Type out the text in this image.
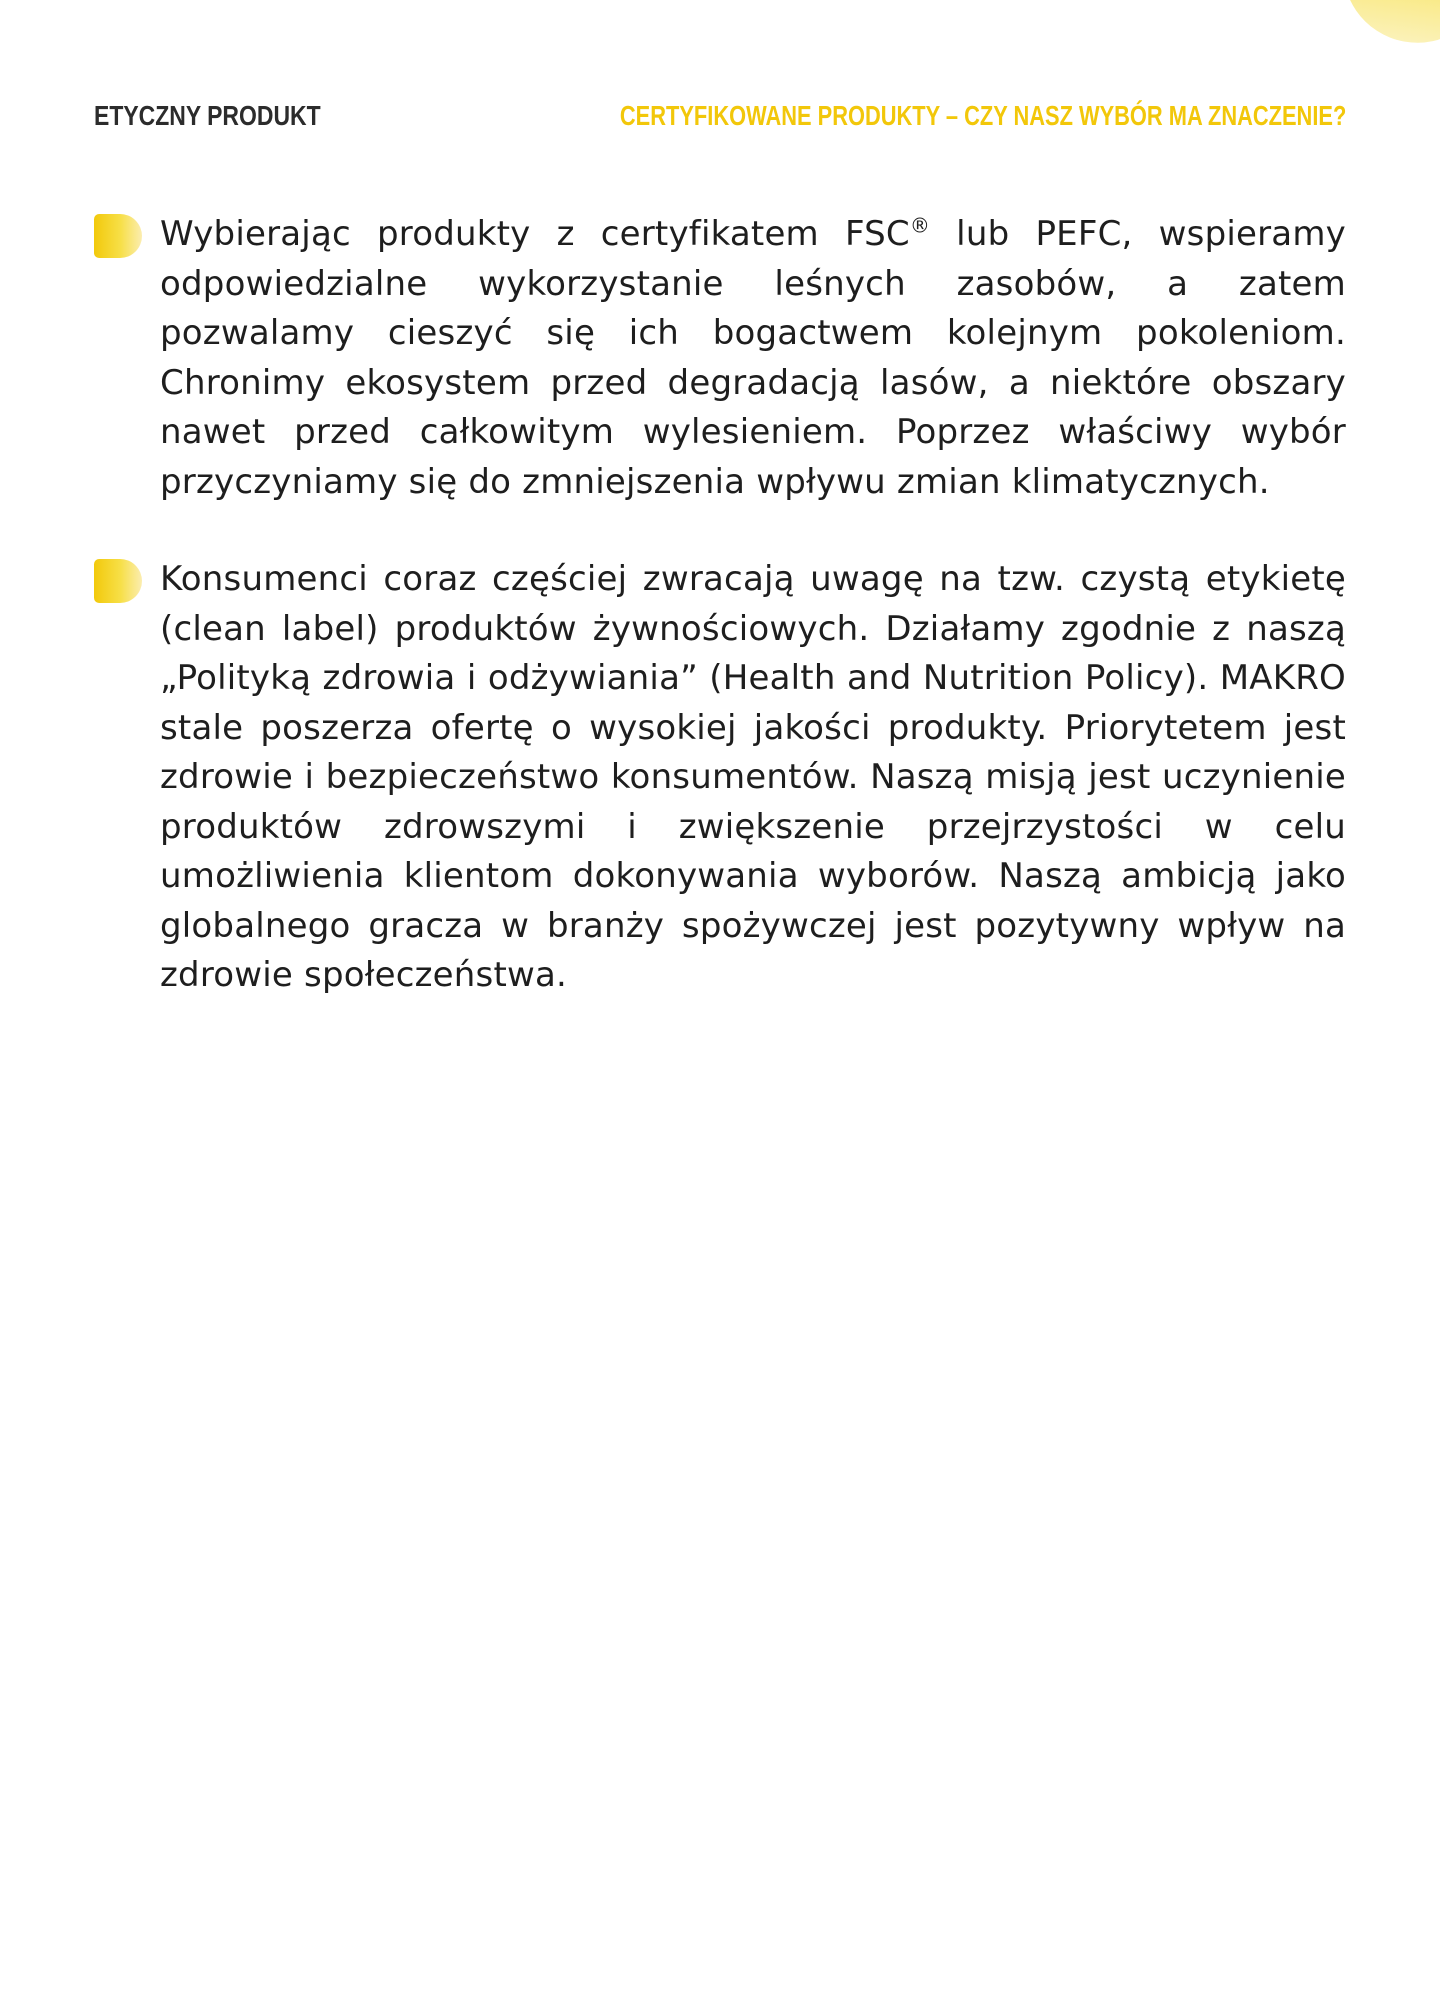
ETYCZNY PRODUKT	CERTYFIKOWANE PRODUKTY – CZY NASZ WYBÓR MA ZNACZENIE?

Wybierając produkty z certyfikatem FSC® lub PEFC, wspieramy odpowiedzialne wykorzystanie leśnych zasobów, a zatem pozwalamy cieszyć się ich bogactwem kolejnym pokoleniom. Chronimy ekosystem przed degradacją lasów, a niektóre obszary nawet przed całkowitym wylesieniem. Poprzez właściwy wybór przyczyniamy się do zmniejszenia wpływu zmian klimatycznych.

Konsumenci coraz częściej zwracają uwagę na tzw. czystą etykietę (clean label) produktów żywnościowych. Działamy zgodnie z naszą „Polityką zdrowia i odżywiania” (Health and Nutrition Policy). MAKRO stale poszerza ofertę o wysokiej jakości produkty. Priorytetem jest zdrowie i bezpieczeństwo konsumentów. Naszą misją jest uczynienie produktów zdrowszymi i zwiększenie przejrzystości w celu umożliwienia klientom dokonywania wyborów. Naszą ambicją jako globalnego gracza w branży spożywczej jest pozytywny wpływ na zdrowie społeczeństwa.
